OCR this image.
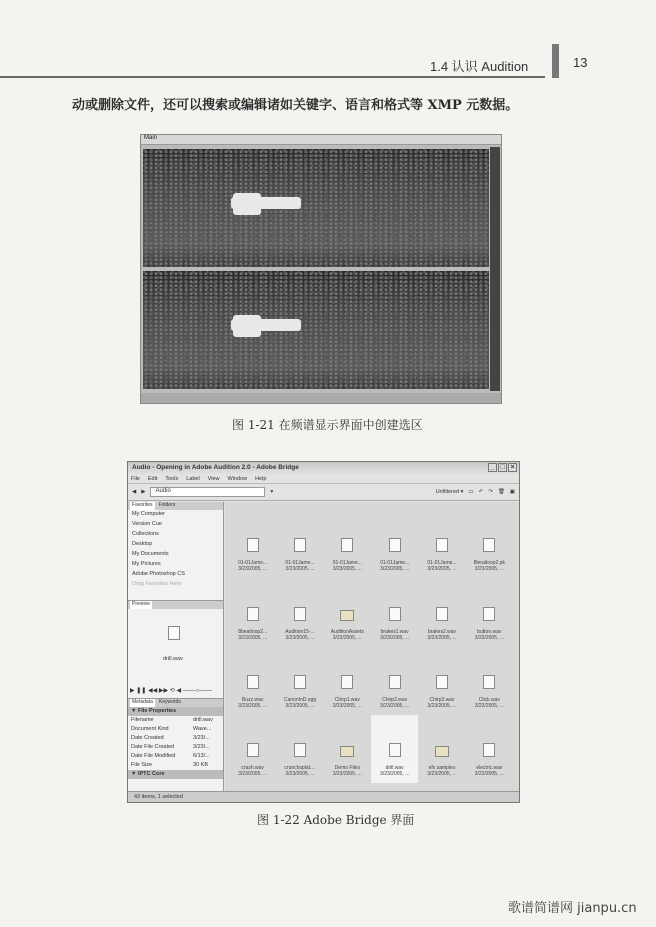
1.4 认识 Audition	13
动或删除文件，还可以搜索或编辑诸如关键字、语言和格式等 XMP 元数据。
Main
图 1-21 在频谱显示界面中创建选区
Audio - Opening in Adobe Audition 2.0 - Adobe Bridge	_ □ ×
File Edit Tools Label View Window Help
◀ ▶	Audio	▾	Unfiltered ▾ ▭ ↶ ↷ 🗑 ▣
Favorites	Folders
My Computer
Version Cue
Collections
Desktop
My Documents
My Pictures
Adobe Photoshop CS
Drag Favorites Here
Preview
drill.wav
▶ ❚❚ ◀◀ ▶▶ ⟲ ◀ ───○───
Metadata	Keywords
▼ File Properties
Filename	drill.wav
Document Kind	Wave...
Date Created	3/23/...
Date File Created	3/23/...
Date File Modified	6/13/...
File Size	30 KB
▼ IPTC Core
01-01Jame...
3/23/2005, ...
01-01Jame...
3/23/2005, ...
01-01Jame...
3/23/2005, ...
01-01Jame...
3/23/2005, ...
01-01Jame...
3/23/2005, ...
8beatloop2.pk
3/23/2005, ...
8beatloop2...
3/23/2005, ...
Audition15-...
3/23/2005, ...
AuditionAssets
3/23/2005, ...
brakes1.wav
3/23/2005, ...
brakes2.wav
3/23/2005, ...
button.wav
3/23/2005, ...
Buzz.wav
3/23/2005, ...
CanonInD.ogg
3/23/2005, ...
Chirp1.wav
3/23/2005, ...
Chirp2.wav
3/23/2005, ...
Chirp3.wav
3/23/2005, ...
Click.wav
3/23/2005, ...
crash.wav
3/23/2005, ...
crunchsplat....
3/23/2005, ...
Demo Files
3/23/2005, ...
drill.wav
3/23/2005, ...
efx samples
3/23/2005, ...
electric.wav
3/23/2005, ...
43 items, 1 selected
图 1-22 Adobe Bridge 界面
歌谱简谱网 jianpu.cn
